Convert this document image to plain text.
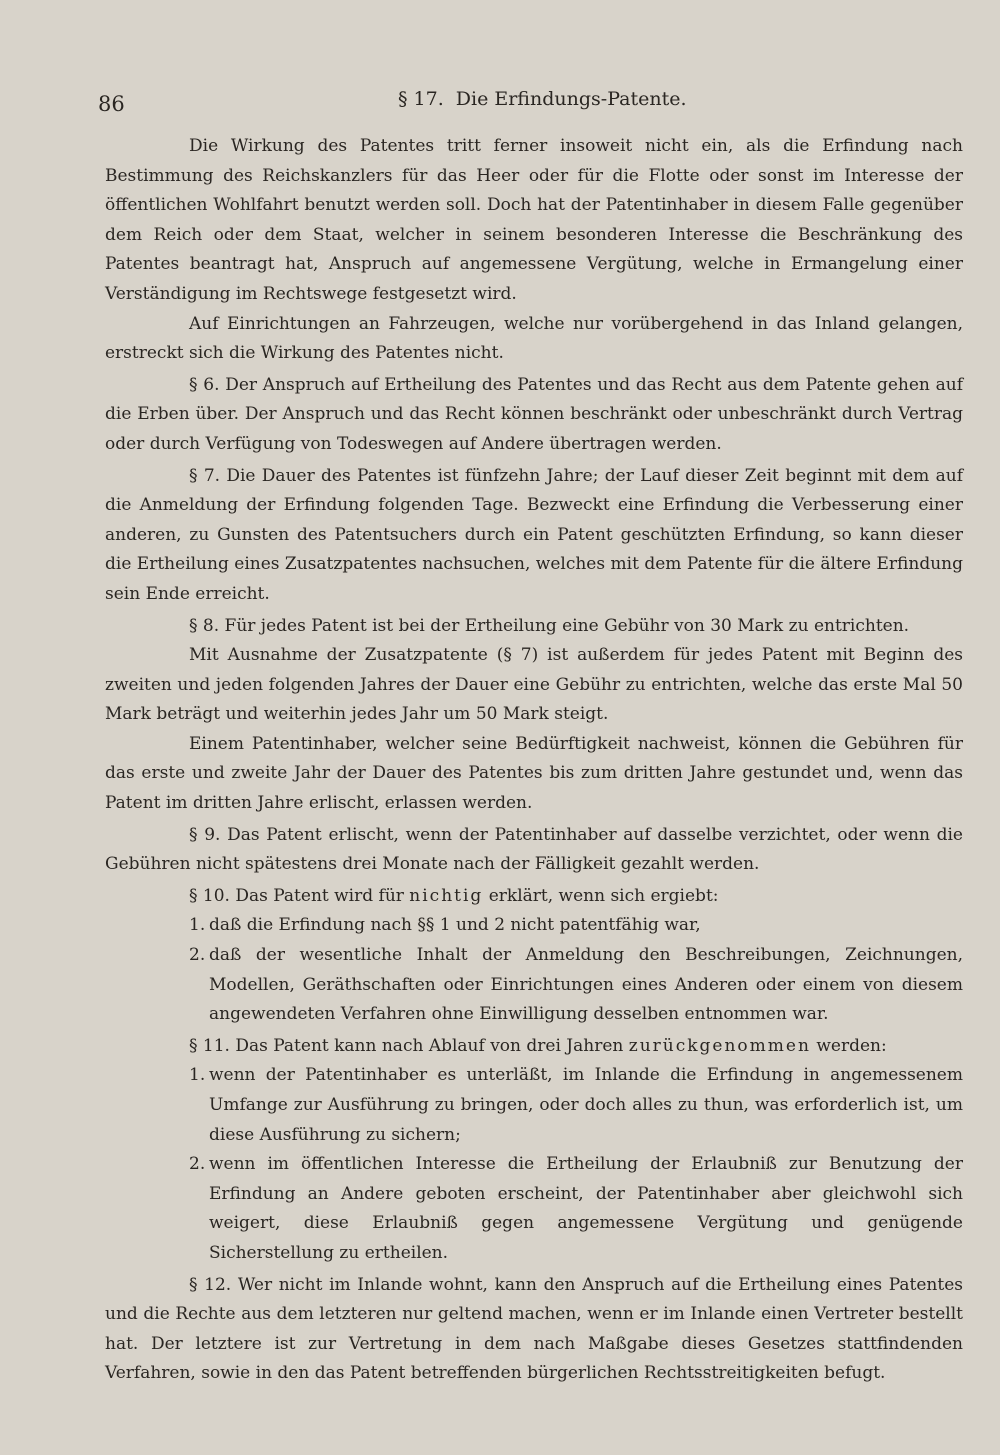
86	§ 17. Die Erfindungs-Patente.

Die Wirkung des Patentes tritt ferner insoweit nicht ein, als die Erfindung nach Bestimmung des Reichskanzlers für das Heer oder für die Flotte oder sonst im Interesse der öffentlichen Wohlfahrt benutzt werden soll. Doch hat der Patentinhaber in diesem Falle gegenüber dem Reich oder dem Staat, welcher in seinem besonderen Interesse die Beschränkung des Patentes beantragt hat, Anspruch auf angemessene Vergütung, welche in Ermangelung einer Verständigung im Rechtswege festgesetzt wird.

Auf Einrichtungen an Fahrzeugen, welche nur vorübergehend in das Inland gelangen, erstreckt sich die Wirkung des Patentes nicht.

§ 6. Der Anspruch auf Ertheilung des Patentes und das Recht aus dem Patente gehen auf die Erben über. Der Anspruch und das Recht können beschränkt oder unbeschränkt durch Vertrag oder durch Verfügung von Todeswegen auf Andere übertragen werden.

§ 7. Die Dauer des Patentes ist fünfzehn Jahre; der Lauf dieser Zeit beginnt mit dem auf die Anmeldung der Erfindung folgenden Tage. Bezweckt eine Erfindung die Verbesserung einer anderen, zu Gunsten des Patentsuchers durch ein Patent geschützten Erfindung, so kann dieser die Ertheilung eines Zusatzpatentes nachsuchen, welches mit dem Patente für die ältere Erfindung sein Ende erreicht.

§ 8. Für jedes Patent ist bei der Ertheilung eine Gebühr von 30 Mark zu entrichten.

Mit Ausnahme der Zusatzpatente (§ 7) ist außerdem für jedes Patent mit Beginn des zweiten und jeden folgenden Jahres der Dauer eine Gebühr zu entrichten, welche das erste Mal 50 Mark beträgt und weiterhin jedes Jahr um 50 Mark steigt.

Einem Patentinhaber, welcher seine Bedürftigkeit nachweist, können die Gebühren für das erste und zweite Jahr der Dauer des Patentes bis zum dritten Jahre gestundet und, wenn das Patent im dritten Jahre erlischt, erlassen werden.

§ 9. Das Patent erlischt, wenn der Patentinhaber auf dasselbe verzichtet, oder wenn die Gebühren nicht spätestens drei Monate nach der Fälligkeit gezahlt werden.

§ 10. Das Patent wird für nichtig erklärt, wenn sich ergiebt:

1. daß die Erfindung nach §§ 1 und 2 nicht patentfähig war,
2. daß der wesentliche Inhalt der Anmeldung den Beschreibungen, Zeichnungen, Modellen, Geräthschaften oder Einrichtungen eines Anderen oder einem von diesem angewendeten Verfahren ohne Einwilligung desselben entnommen war.

§ 11. Das Patent kann nach Ablauf von drei Jahren zurückgenommen werden:

1. wenn der Patentinhaber es unterläßt, im Inlande die Erfindung in angemessenem Umfange zur Ausführung zu bringen, oder doch alles zu thun, was erforderlich ist, um diese Ausführung zu sichern;
2. wenn im öffentlichen Interesse die Ertheilung der Erlaubniß zur Benutzung der Erfindung an Andere geboten erscheint, der Patentinhaber aber gleichwohl sich weigert, diese Erlaubniß gegen angemessene Vergütung und genügende Sicherstellung zu ertheilen.

§ 12. Wer nicht im Inlande wohnt, kann den Anspruch auf die Ertheilung eines Patentes und die Rechte aus dem letzteren nur geltend machen, wenn er im Inlande einen Vertreter bestellt hat. Der letztere ist zur Vertretung in dem nach Maßgabe dieses Gesetzes stattfindenden Verfahren, sowie in den das Patent betreffenden bürgerlichen Rechtsstreitigkeiten befugt.
